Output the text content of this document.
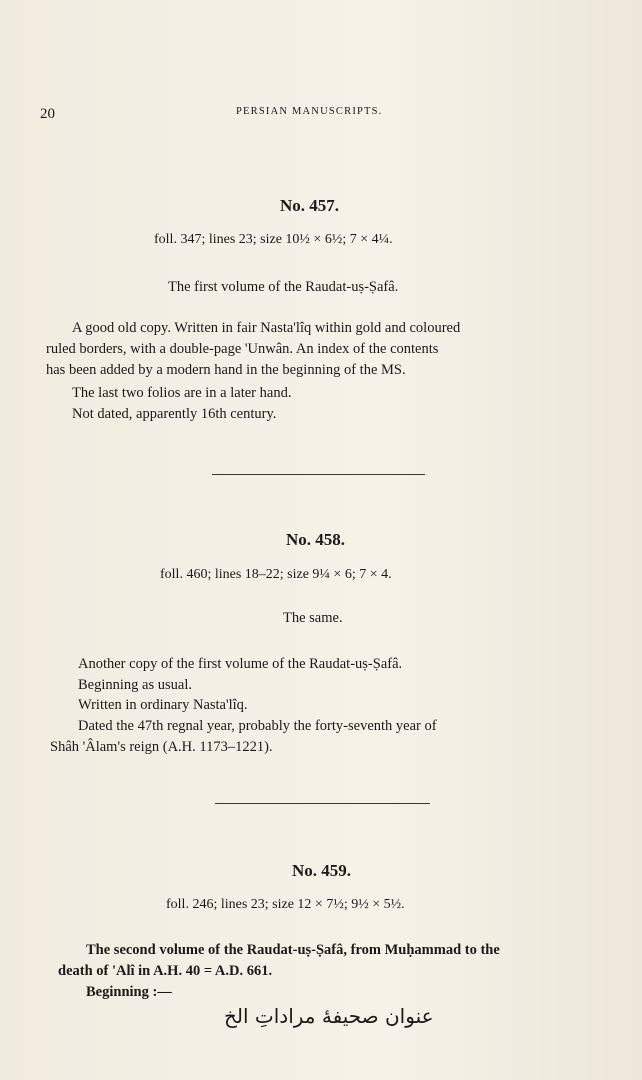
20	PERSIAN MANUSCRIPTS.
No. 457.
foll. 347; lines 23; size 10½ × 6½; 7 × 4¼.
The first volume of the Raudat-uṣ-Ṣafâ.
A good old copy. Written in fair Nasta'lîq within gold and coloured
ruled borders, with a double-page 'Unwân. An index of the contents
has been added by a modern hand in the beginning of the MS.
The last two folios are in a later hand.
Not dated, apparently 16th century.
No. 458.
foll. 460; lines 18–22; size 9¼ × 6; 7 × 4.
The same.
Another copy of the first volume of the Raudat-uṣ-Ṣafâ.
Beginning as usual.
Written in ordinary Nasta'lîq.
Dated the 47th regnal year, probably the forty-seventh year of
Shâh 'Âlam's reign (A.H. 1173–1221).
No. 459.
foll. 246; lines 23; size 12 × 7½; 9½ × 5½.
The second volume of the Raudat-uṣ-Ṣafâ, from Muḥammad to the
death of 'Alî in A.H. 40 = A.D. 661.
Beginning :—
عنوان صحيفهٔ مراداتِ الخ
